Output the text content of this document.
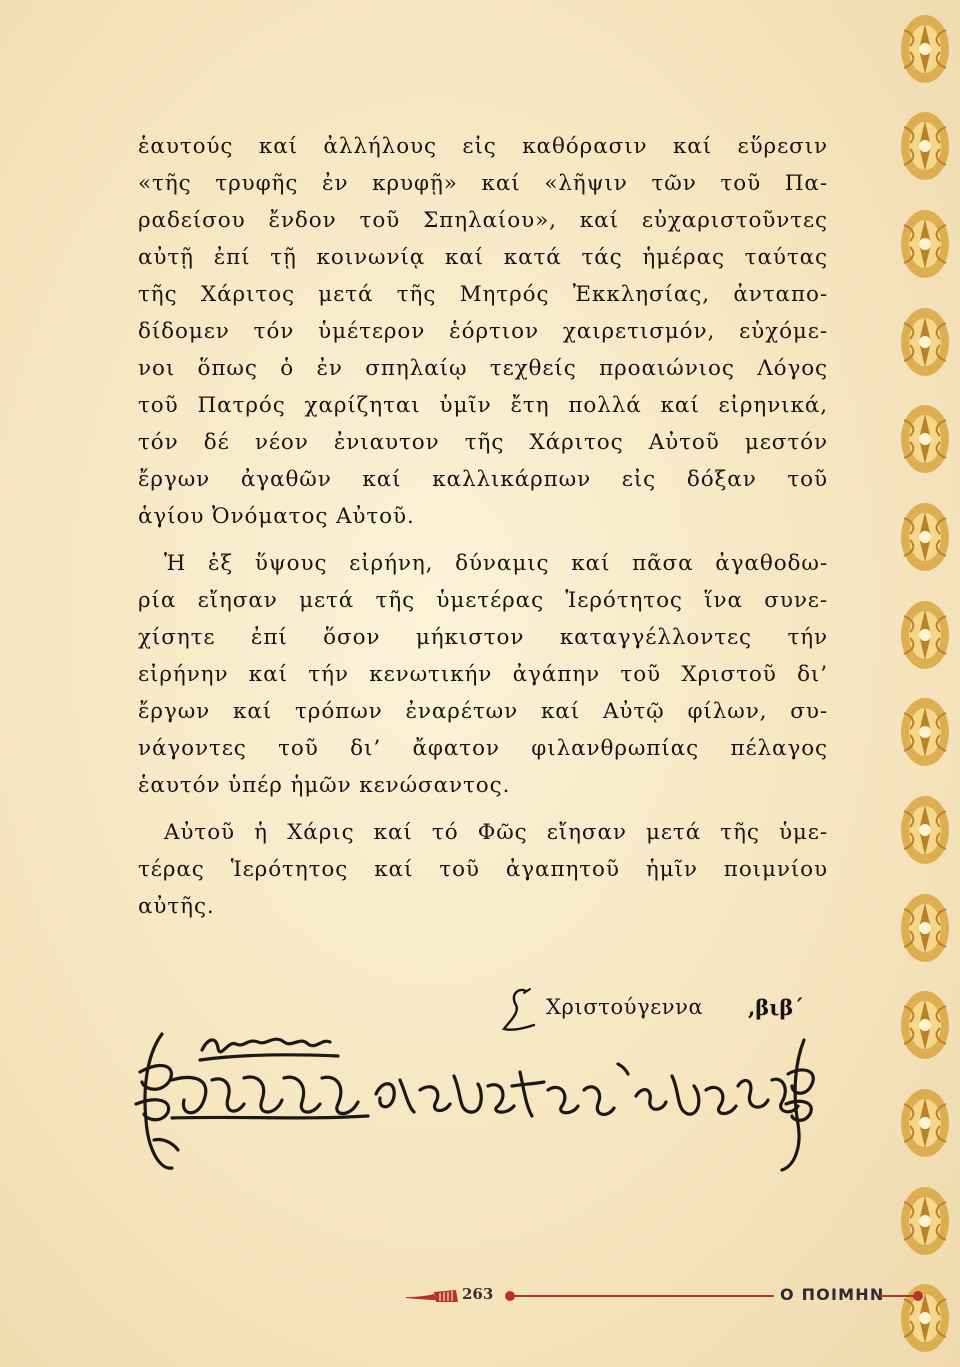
ἑαυτούς καί ἀλλήλους εἰς καθόρασιν καί εὕρεσιν
«τῆς τρυφῆς ἐν κρυφῇ» καί «λῆψιν τῶν τοῦ Πα-
ραδείσου ἔνδον τοῦ Σπηλαίου», καί εὐχαριστοῦντες
αὐτῇ ἐπί τῇ κοινωνίᾳ καί κατά τάς ἡμέρας ταύτας
τῆς Χάριτος μετά τῆς Μητρός Ἐκκλησίας, ἀνταπο-
δίδομεν τόν ὑμέτερον ἑόρτιον χαιρετισμόν, εὐχόμε-
νοι ὅπως ὁ ἐν σπηλαίῳ τεχθείς προαιώνιος Λόγος
τοῦ Πατρός χαρίζηται ὑμῖν ἔτη πολλά καί εἰρηνικά,
τόν δέ νέον ἐνιαυτον τῆς Χάριτος Αὐτοῦ μεστόν
ἔργων ἀγαθῶν καί καλλικάρπων εἰς δόξαν τοῦ
ἁγίου Ὀνόματος Αὐτοῦ.
Ἡ ἐξ ὕψους εἰρήνη, δύναμις καί πᾶσα ἀγαθοδω-
ρία εἴησαν μετά τῆς ὑμετέρας Ἱερότητος ἵνα συνε-
χίσητε ἐπί ὅσον μήκιστον καταγγέλλοντες τήν
εἰρήνην καί τήν κενωτικήν ἀγάπην τοῦ Χριστοῦ δι’
ἔργων καί τρόπων ἐναρέτων καί Αὐτῷ φίλων, συ-
νάγοντες τοῦ δι’ ἄφατον φιλανθρωπίας πέλαγος
ἑαυτόν ὑπέρ ἡμῶν κενώσαντος.
Αὐτοῦ ἡ Χάρις καί τό Φῶς εἴησαν μετά τῆς ὑμε-
τέρας Ἱερότητος καί τοῦ ἀγαπητοῦ ἡμῖν ποιμνίου
αὐτῆς.
Χριστούγεννα ,βιβ΄
263	Ο ΠΟΙΜΗΝ
